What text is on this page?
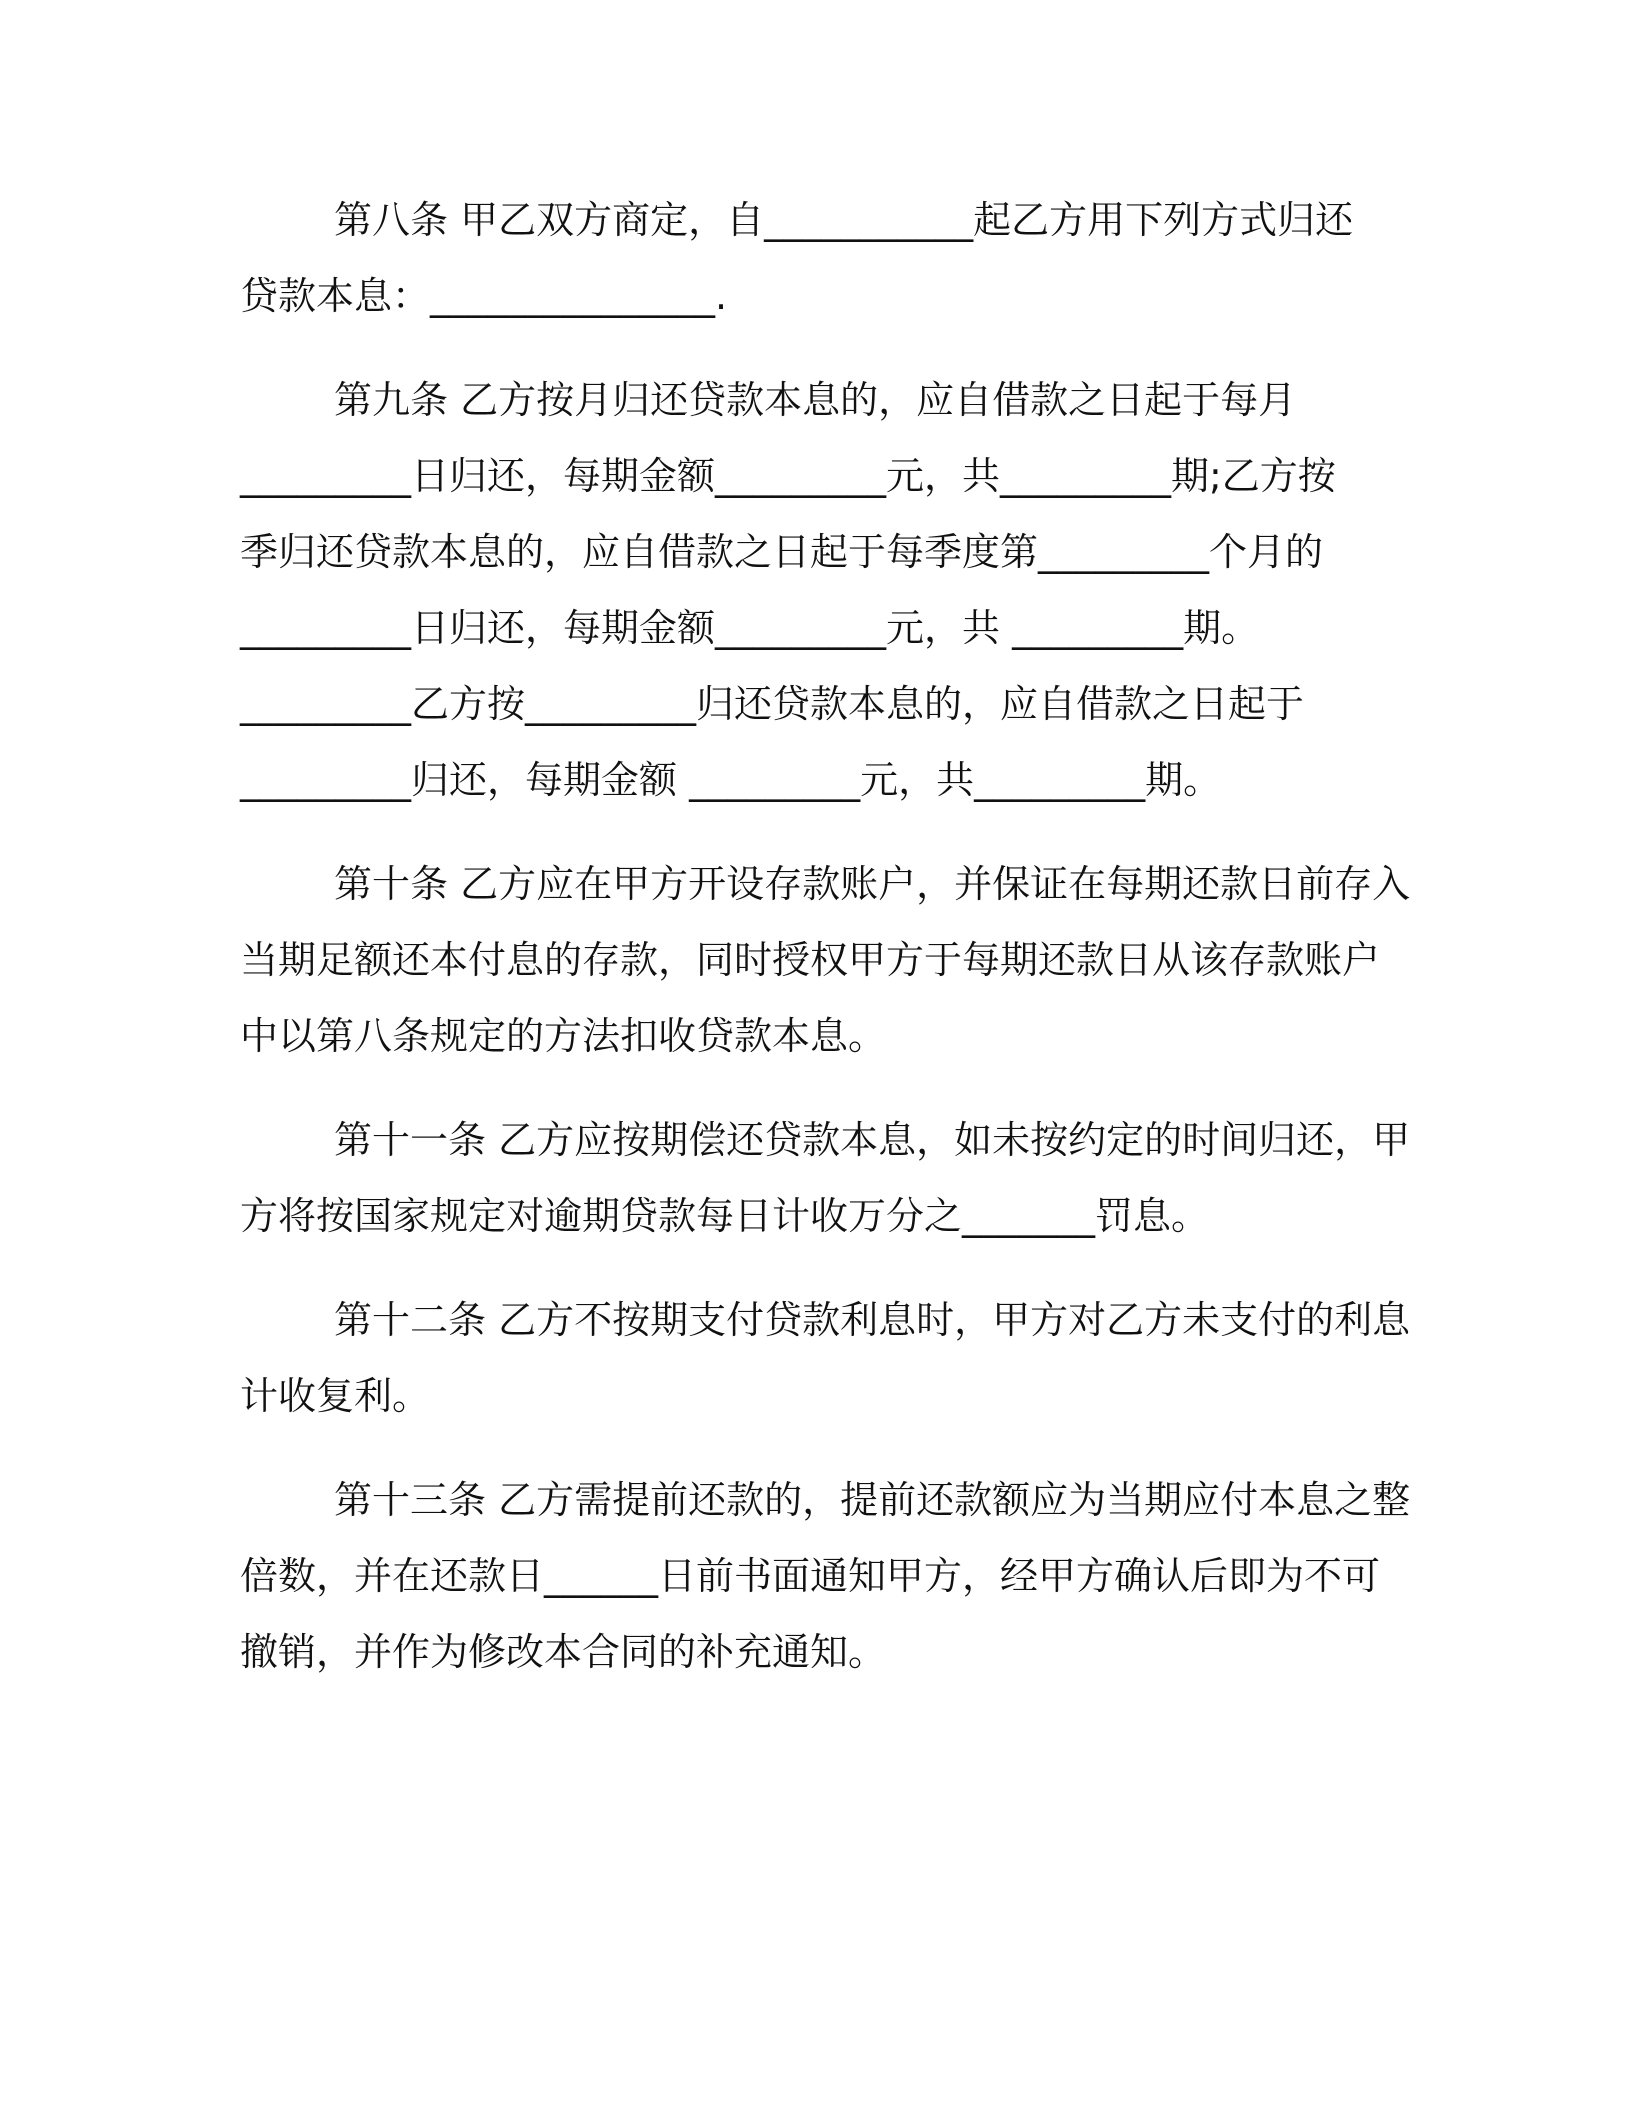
第八条 甲乙双方商定，自___________起乙方用下列方式归还
贷款本息：_______________.
第九条 乙方按月归还贷款本息的，应自借款之日起于每月
_________日归还，每期金额_________元，共_________期;乙方按
季归还贷款本息的，应自借款之日起于每季度第_________个月的
_________日归还，每期金额_________元，共 _________期。
_________乙方按_________归还贷款本息的，应自借款之日起于
_________归还，每期金额 _________元，共_________期。
第十条 乙方应在甲方开设存款账户，并保证在每期还款日前存入
当期足额还本付息的存款，同时授权甲方于每期还款日从该存款账户
中以第八条规定的方法扣收贷款本息。
第十一条 乙方应按期偿还贷款本息，如未按约定的时间归还，甲
方将按国家规定对逾期贷款每日计收万分之_______罚息。
第十二条 乙方不按期支付贷款利息时，甲方对乙方未支付的利息
计收复利。
第十三条 乙方需提前还款的，提前还款额应为当期应付本息之整
倍数，并在还款日______日前书面通知甲方，经甲方确认后即为不可
撤销，并作为修改本合同的补充通知。
